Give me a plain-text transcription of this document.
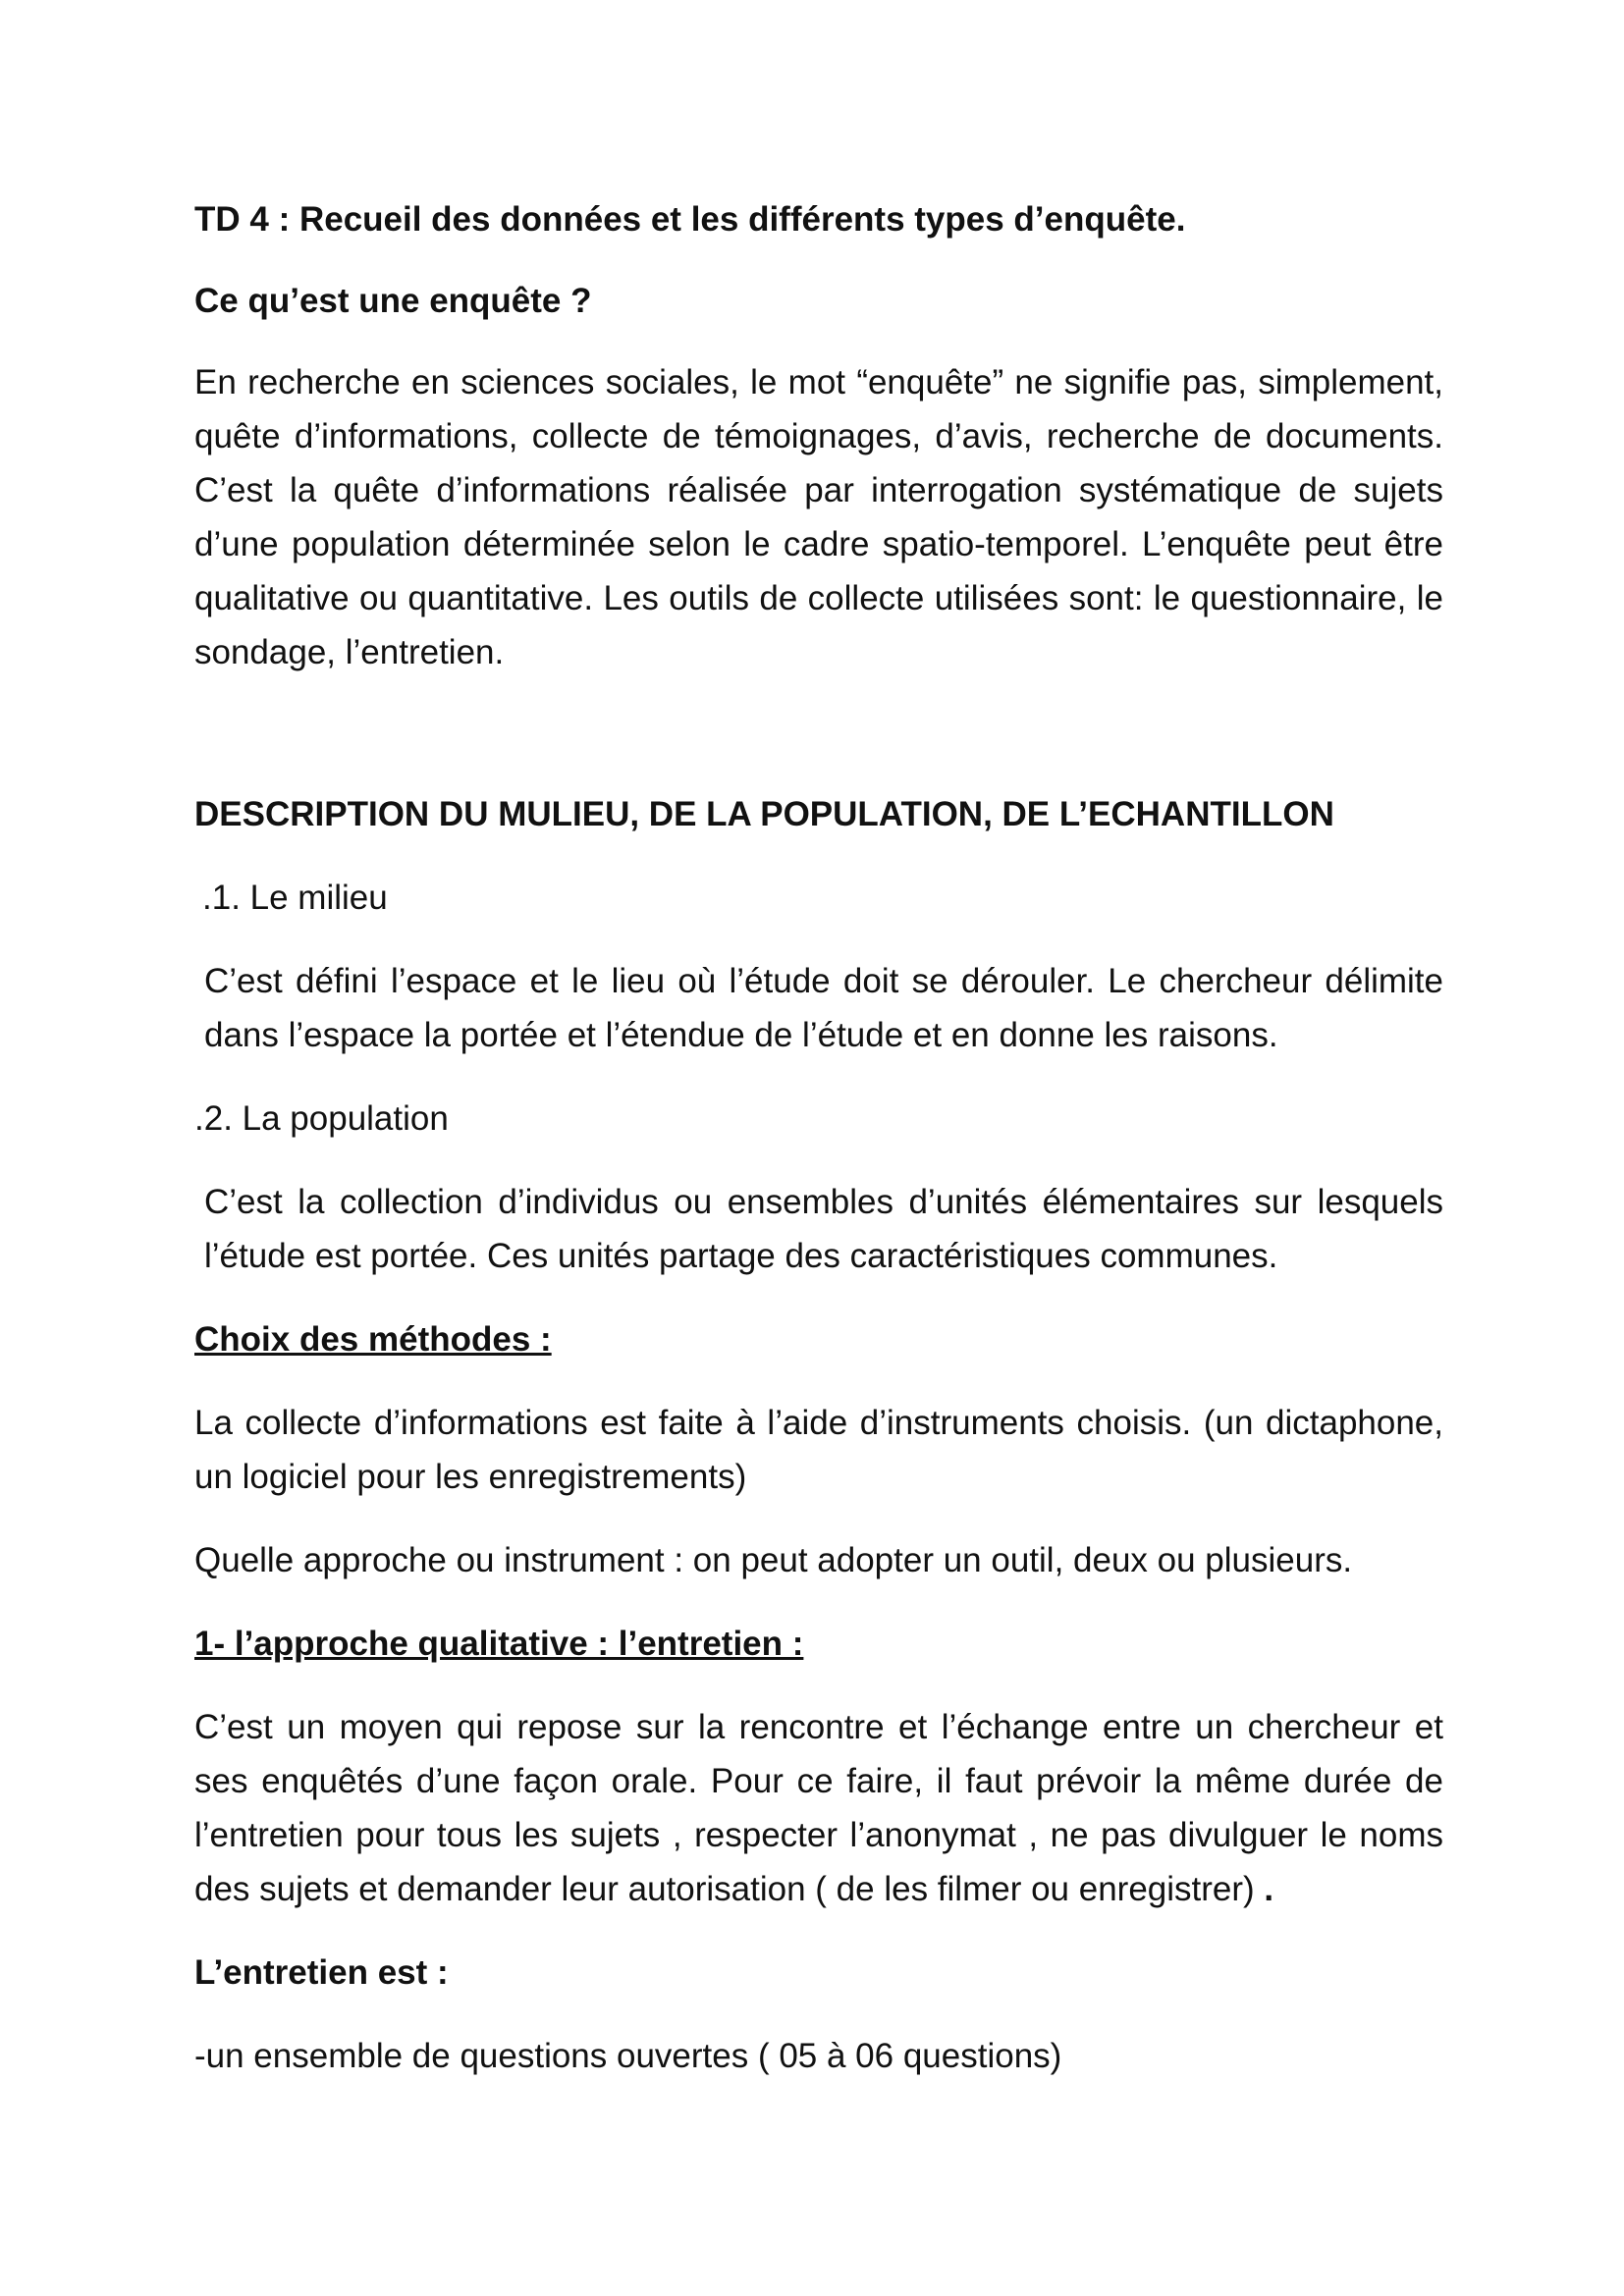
TD 4 : Recueil des données et les différents types d’enquête.

Ce qu’est une enquête ?

En recherche en sciences sociales, le mot “enquête” ne signifie pas, simplement, quête d’informations, collecte de témoignages, d’avis, recherche de documents. C’est la quête d’informations réalisée par interrogation systématique de sujets d’une population déterminée selon le cadre spatio-temporel. L’enquête peut être qualitative ou quantitative. Les outils de collecte utilisées sont: le questionnaire, le sondage, l’entretien.

DESCRIPTION DU MULIEU, DE LA POPULATION, DE L’ECHANTILLON

.1. Le milieu

C’est défini l’espace et le lieu où l’étude doit se dérouler. Le chercheur délimite dans l’espace la portée et l’étendue de l’étude et en donne les raisons.

.2. La population

C’est la collection d’individus ou ensembles d’unités élémentaires sur lesquels l’étude est portée. Ces unités partage des caractéristiques communes.

Choix des méthodes :

La collecte d’informations est faite à l’aide d’instruments choisis. (un dictaphone, un logiciel pour les enregistrements)

Quelle approche ou instrument : on peut adopter un outil, deux ou plusieurs.

1- l’approche qualitative : l’entretien :

C’est un moyen qui repose sur la rencontre et l’échange entre un chercheur et ses enquêtés d’une façon orale. Pour ce faire, il faut prévoir la même durée de l’entretien pour tous les sujets , respecter l’anonymat , ne pas divulguer le noms des sujets et demander leur autorisation ( de les filmer ou enregistrer) .

L’entretien est :

-un ensemble de questions ouvertes ( 05 à 06 questions)
